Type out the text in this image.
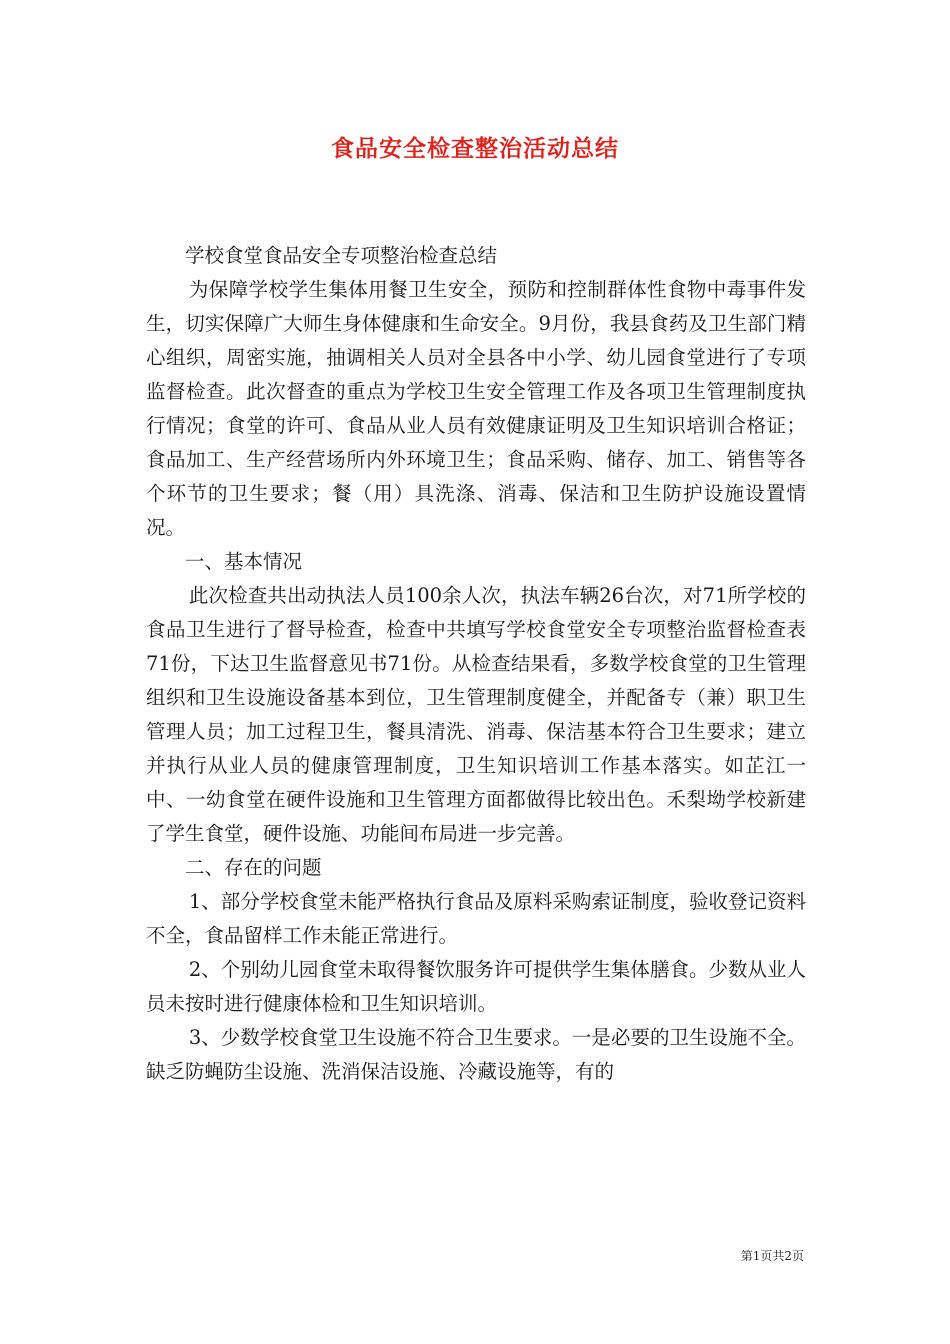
食品安全检查整治活动总结

学校食堂食品安全专项整治检查总结

为保障学校学生集体用餐卫生安全，预防和控制群体性食物中毒事件发生，切实保障广大师生身体健康和生命安全。9月份，我县食药及卫生部门精心组织，周密实施，抽调相关人员对全县各中小学、幼儿园食堂进行了专项监督检查。此次督查的重点为学校卫生安全管理工作及各项卫生管理制度执行情况；食堂的许可、食品从业人员有效健康证明及卫生知识培训合格证；食品加工、生产经营场所内外环境卫生；食品采购、储存、加工、销售等各个环节的卫生要求；餐（用）具洗涤、消毒、保洁和卫生防护设施设置情况。

一、基本情况

此次检查共出动执法人员100余人次，执法车辆26台次，对71所学校的食品卫生进行了督导检查，检查中共填写学校食堂安全专项整治监督检查表71份，下达卫生监督意见书71份。从检查结果看，多数学校食堂的卫生管理组织和卫生设施设备基本到位，卫生管理制度健全，并配备专（兼）职卫生管理人员；加工过程卫生，餐具清洗、消毒、保洁基本符合卫生要求；建立并执行从业人员的健康管理制度，卫生知识培训工作基本落实。如芷江一中、一幼食堂在硬件设施和卫生管理方面都做得比较出色。禾梨坳学校新建了学生食堂，硬件设施、功能间布局进一步完善。

二、存在的问题

1、部分学校食堂未能严格执行食品及原料采购索证制度，验收登记资料不全，食品留样工作未能正常进行。

2、个别幼儿园食堂未取得餐饮服务许可提供学生集体膳食。少数从业人员未按时进行健康体检和卫生知识培训。

3、少数学校食堂卫生设施不符合卫生要求。一是必要的卫生设施不全。缺乏防蝇防尘设施、洗消保洁设施、冷藏设施等，有的

第1页共2页
